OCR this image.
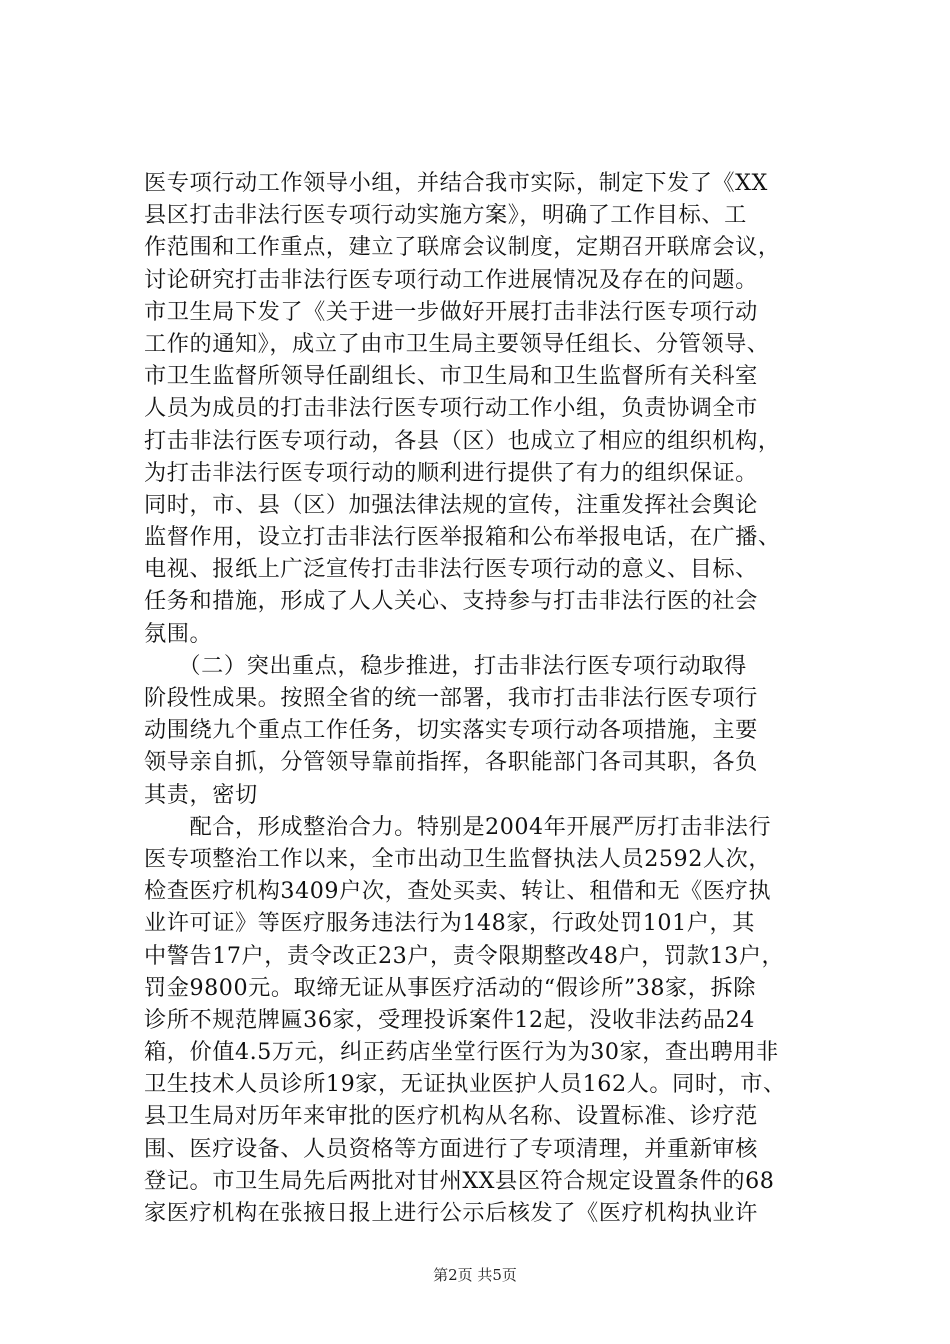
医专项行动工作领导小组，并结合我市实际，制定下发了《XX
县区打击非法行医专项行动实施方案》，明确了工作目标、工
作范围和工作重点，建立了联席会议制度，定期召开联席会议，
讨论研究打击非法行医专项行动工作进展情况及存在的问题。
市卫生局下发了《关于进一步做好开展打击非法行医专项行动
工作的通知》，成立了由市卫生局主要领导任组长、分管领导、
市卫生监督所领导任副组长、市卫生局和卫生监督所有关科室
人员为成员的打击非法行医专项行动工作小组，负责协调全市
打击非法行医专项行动，各县（区）也成立了相应的组织机构，
为打击非法行医专项行动的顺利进行提供了有力的组织保证。
同时，市、县（区）加强法律法规的宣传，注重发挥社会舆论
监督作用，设立打击非法行医举报箱和公布举报电话，在广播、
电视、报纸上广泛宣传打击非法行医专项行动的意义、目标、
任务和措施，形成了人人关心、支持参与打击非法行医的社会
氛围。
　　（二）突出重点，稳步推进，打击非法行医专项行动取得
阶段性成果。按照全省的统一部署，我市打击非法行医专项行
动围绕九个重点工作任务，切实落实专项行动各项措施，主要
领导亲自抓，分管领导靠前指挥，各职能部门各司其职，各负
其责，密切
　　配合，形成整治合力。特别是2004年开展严厉打击非法行
医专项整治工作以来，全市出动卫生监督执法人员2592人次，
检查医疗机构3409户次，查处买卖、转让、租借和无《医疗执
业许可证》等医疗服务违法行为148家，行政处罚101户，其
中警告17户，责令改正23户，责令限期整改48户，罚款13户，
罚金9800元。取缔无证从事医疗活动的“假诊所”38家，拆除
诊所不规范牌匾36家，受理投诉案件12起，没收非法药品24
箱，价值4.5万元，纠正药店坐堂行医行为为30家，查出聘用非
卫生技术人员诊所19家，无证执业医护人员162人。同时，市、
县卫生局对历年来审批的医疗机构从名称、设置标准、诊疗范
围、医疗设备、人员资格等方面进行了专项清理，并重新审核
登记。市卫生局先后两批对甘州XX县区符合规定设置条件的68
家医疗机构在张掖日报上进行公示后核发了《医疗机构执业许
第2页 共5页
